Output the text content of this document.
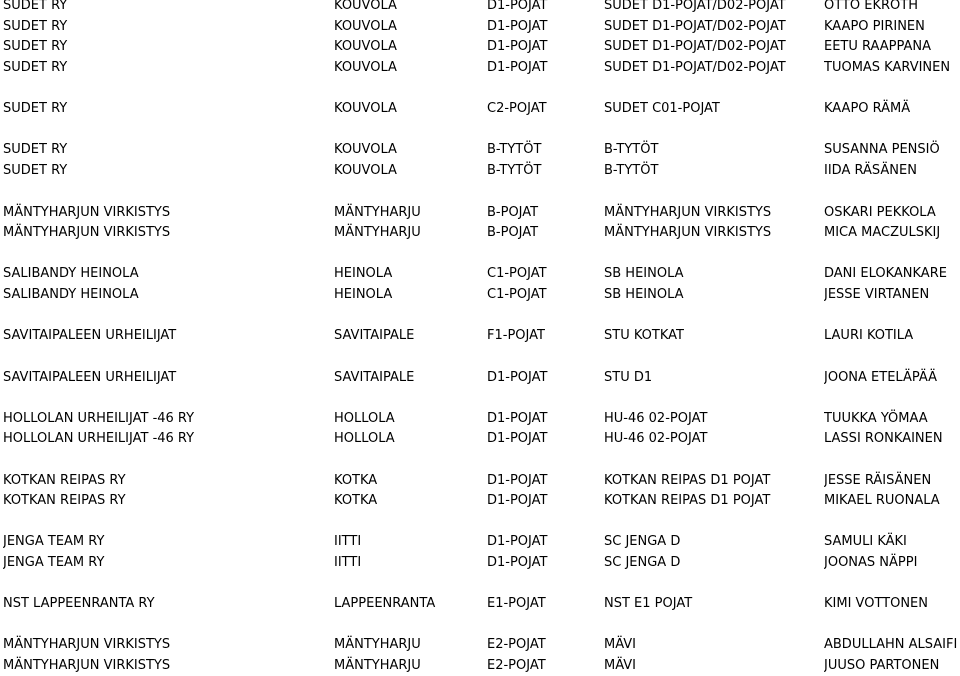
SUDET RY	KOUVOLA	D1-POJAT	SUDET D1-POJAT/D02-POJAT	OTTO EKROTH
SUDET RY	KOUVOLA	D1-POJAT	SUDET D1-POJAT/D02-POJAT	KAAPO PIRINEN
SUDET RY	KOUVOLA	D1-POJAT	SUDET D1-POJAT/D02-POJAT	EETU RAAPPANA
SUDET RY	KOUVOLA	D1-POJAT	SUDET D1-POJAT/D02-POJAT	TUOMAS KARVINEN
SUDET RY	KOUVOLA	C2-POJAT	SUDET C01-POJAT	KAAPO RÄMÄ
SUDET RY	KOUVOLA	B-TYTÖT	B-TYTÖT	SUSANNA PENSIÖ
SUDET RY	KOUVOLA	B-TYTÖT	B-TYTÖT	IIDA RÄSÄNEN
MÄNTYHARJUN VIRKISTYS	MÄNTYHARJU	B-POJAT	MÄNTYHARJUN VIRKISTYS	OSKARI PEKKOLA
MÄNTYHARJUN VIRKISTYS	MÄNTYHARJU	B-POJAT	MÄNTYHARJUN VIRKISTYS	MICA MACZULSKIJ
SALIBANDY HEINOLA	HEINOLA	C1-POJAT	SB HEINOLA	DANI ELOKANKARE
SALIBANDY HEINOLA	HEINOLA	C1-POJAT	SB HEINOLA	JESSE VIRTANEN
SAVITAIPALEEN URHEILIJAT	SAVITAIPALE	F1-POJAT	STU KOTKAT	LAURI KOTILA
SAVITAIPALEEN URHEILIJAT	SAVITAIPALE	D1-POJAT	STU D1	JOONA ETELÄPÄÄ
HOLLOLAN URHEILIJAT -46 RY	HOLLOLA	D1-POJAT	HU-46 02-POJAT	TUUKKA YÖMAA
HOLLOLAN URHEILIJAT -46 RY	HOLLOLA	D1-POJAT	HU-46 02-POJAT	LASSI RONKAINEN
KOTKAN REIPAS RY	KOTKA	D1-POJAT	KOTKAN REIPAS D1 POJAT	JESSE RÄISÄNEN
KOTKAN REIPAS RY	KOTKA	D1-POJAT	KOTKAN REIPAS D1 POJAT	MIKAEL RUONALA
JENGA TEAM RY	IITTI	D1-POJAT	SC JENGA D	SAMULI KÄKI
JENGA TEAM RY	IITTI	D1-POJAT	SC JENGA D	JOONAS NÄPPI
NST LAPPEENRANTA RY	LAPPEENRANTA	E1-POJAT	NST E1 POJAT	KIMI VOTTONEN
MÄNTYHARJUN VIRKISTYS	MÄNTYHARJU	E2-POJAT	MÄVI	ABDULLAHN ALSAIFI
MÄNTYHARJUN VIRKISTYS	MÄNTYHARJU	E2-POJAT	MÄVI	JUUSO PARTONEN
